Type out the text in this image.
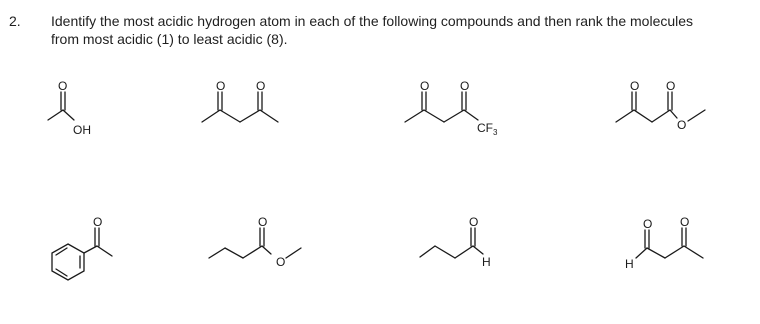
2. Identify the most acidic hydrogen atom in each of the following compounds and then rank the molecules
from most acidic (1) to least acidic (8).
O
OH
O	O	O	O
$CF_3$
O O
O
O	O
O
O
H
O O
H
